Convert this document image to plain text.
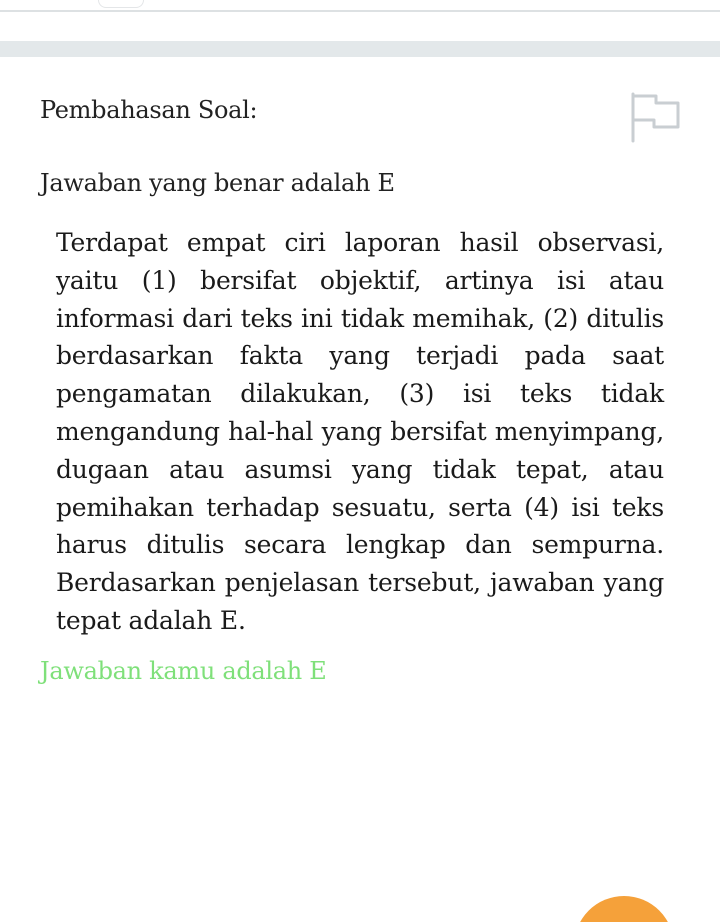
Pembahasan Soal:
Jawaban yang benar adalah E
Terdapat empat ciri laporan hasil observasi, yaitu (1) bersifat objektif, artinya isi atau informasi dari teks ini tidak memihak, (2) ditulis berdasarkan fakta yang terjadi pada saat pengamatan dilakukan, (3) isi teks tidak mengandung hal-hal yang bersifat menyimpang, dugaan atau asumsi yang tidak tepat, atau pemihakan terhadap sesuatu, serta (4) isi teks harus ditulis secara lengkap dan sempurna. Berdasarkan penjelasan tersebut, jawaban yang tepat adalah E.
Jawaban kamu adalah E
